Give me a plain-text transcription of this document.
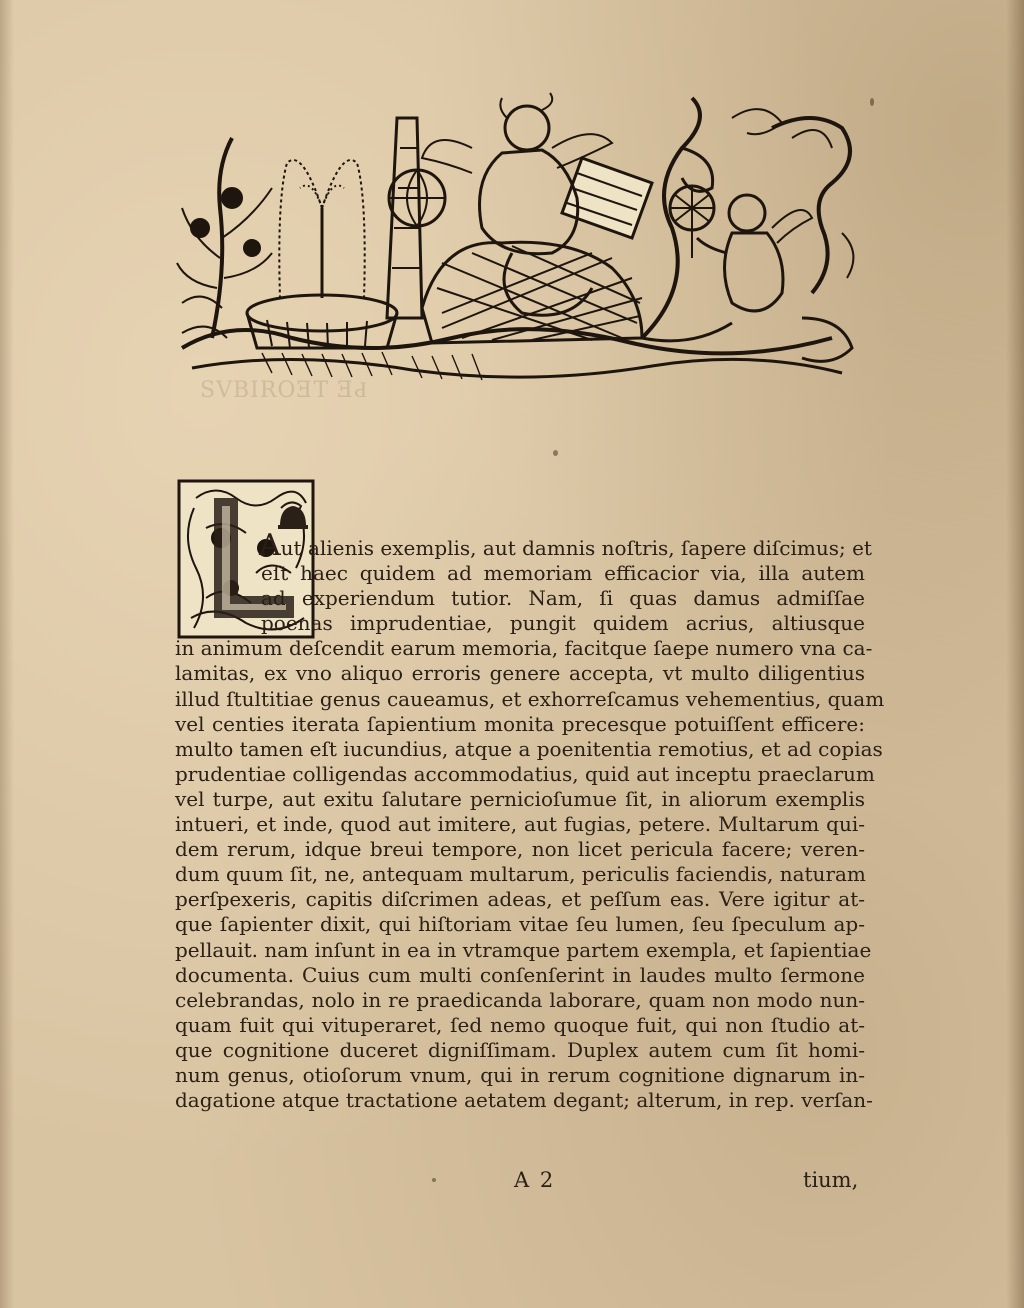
SVBIROƎT ƎԀ
Aut alienis exemplis, aut damnis noſtris, ſapere diſcimus; et
eſt haec quidem ad memoriam efficacior via, illa autem
ad experiendum tutior. Nam, ſi quas damus admiſſae
poenas imprudentiae, pungit quidem acrius, altiusque
in animum deſcendit earum memoria, facitque ſaepe numero vna ca-
lamitas, ex vno aliquo erroris genere accepta, vt multo diligentius
illud ſtultitiae genus caueamus, et exhorreſcamus vehementius, quam
vel centies iterata ſapientium monita precesque potuiſſent efficere:
multo tamen eſt iucundius, atque a poenitentia remotius, et ad copias
prudentiae colligendas accommodatius, quid aut inceptu praeclarum
vel turpe, aut exitu ſalutare pernicioſumue ſit, in aliorum exemplis
intueri, et inde, quod aut imitere, aut fugias, petere. Multarum qui-
dem rerum, idque breui tempore, non licet pericula facere; veren-
dum quum ſit, ne, antequam multarum, periculis faciendis, naturam
perſpexeris, capitis diſcrimen adeas, et peſſum eas. Vere igitur at-
que ſapienter dixit, qui hiſtoriam vitae ſeu lumen, ſeu ſpeculum ap-
pellauit. nam inſunt in ea in vtramque partem exempla, et ſapientiae
documenta. Cuius cum multi conſenſerint in laudes multo ſermone
celebrandas, nolo in re praedicanda laborare, quam non modo nun-
quam fuit qui vituperaret, ſed nemo quoque fuit, qui non ſtudio at-
que cognitione duceret digniſſimam. Duplex autem cum ſit homi-
num genus, otioſorum vnum, qui in rerum cognitione dignarum in-
dagatione atque tractatione aetatem degant; alterum, in rep. verſan-
A 2	tium,
